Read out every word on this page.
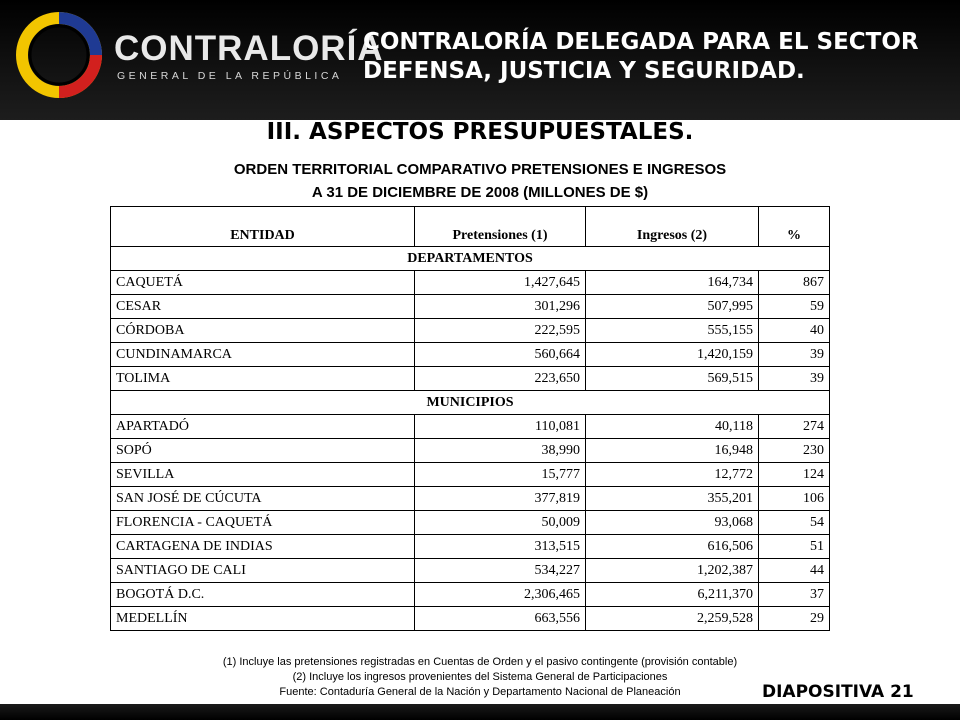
CONTRALORÍA
GENERAL DE LA REPÚBLICA
CONTRALORÍA DELEGADA PARA EL SECTOR
DEFENSA, JUSTICIA Y SEGURIDAD.
III. ASPECTOS PRESUPUESTALES.
ORDEN TERRITORIAL COMPARATIVO PRETENSIONES E INGRESOS
A 31 DE DICIEMBRE DE 2008 (MILLONES DE $)
ENTIDAD	Pretensiones (1)	Ingresos (2)	%
DEPARTAMENTOS			
CAQUETÁ	1,427,645	164,734	867
CESAR	301,296	507,995	59
CÓRDOBA	222,595	555,155	40
CUNDINAMARCA	560,664	1,420,159	39
TOLIMA	223,650	569,515	39
MUNICIPIOS			
APARTADÓ	110,081	40,118	274
SOPÓ	38,990	16,948	230
SEVILLA	15,777	12,772	124
SAN JOSÉ DE CÚCUTA	377,819	355,201	106
FLORENCIA - CAQUETÁ	50,009	93,068	54
CARTAGENA DE INDIAS	313,515	616,506	51
SANTIAGO DE CALI	534,227	1,202,387	44
BOGOTÁ D.C.	2,306,465	6,211,370	37
MEDELLÍN	663,556	2,259,528	29
(1) Incluye las pretensiones registradas en Cuentas de Orden y el pasivo contingente (provisión contable)
(2) Incluye los ingresos provenientes del Sistema General de Participaciones
Fuente: Contaduría General de la Nación y Departamento Nacional de Planeación	DIAPOSITIVA 21
